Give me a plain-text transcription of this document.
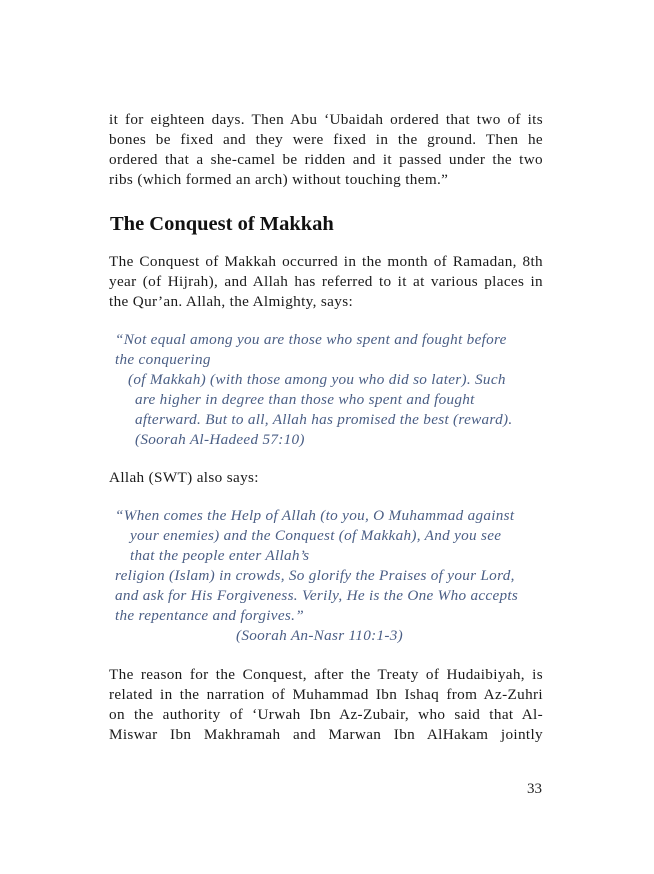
it for eighteen days. Then Abu ‘Ubaidah ordered that two of its
bones be fixed and they were fixed in the ground. Then he
ordered that a she-camel be ridden and it passed under the two
ribs (which formed an arch) without touching them.”

The Conquest of Makkah

The Conquest of Makkah occurred in the month of Ramadan, 8th
year (of Hijrah), and Allah has referred to it at various places in
the Qur’an. Allah, the Almighty, says:

“Not equal among you are those who spent and fought before
the conquering
(of Makkah) (with those among you who did so later). Such
are higher in degree than those who spent and fought
afterward. But to all, Allah has promised the best (reward).
(Soorah Al-Hadeed 57:10)

Allah (SWT) also says:

“When comes the Help of Allah (to you, O Muhammad against
your enemies) and the Conquest (of Makkah), And you see
that the people enter Allah’s
religion (Islam) in crowds, So glorify the Praises of your Lord,
and ask for His Forgiveness. Verily, He is the One Who accepts
the repentance and forgives.”
(Soorah An-Nasr 110:1-3)

The reason for the Conquest, after the Treaty of Hudaibiyah, is
related in the narration of Muhammad Ibn Ishaq from Az-Zuhri
on the authority of ‘Urwah Ibn Az-Zubair, who said that Al-
Miswar Ibn Makhramah and Marwan Ibn AlHakam jointly

33
